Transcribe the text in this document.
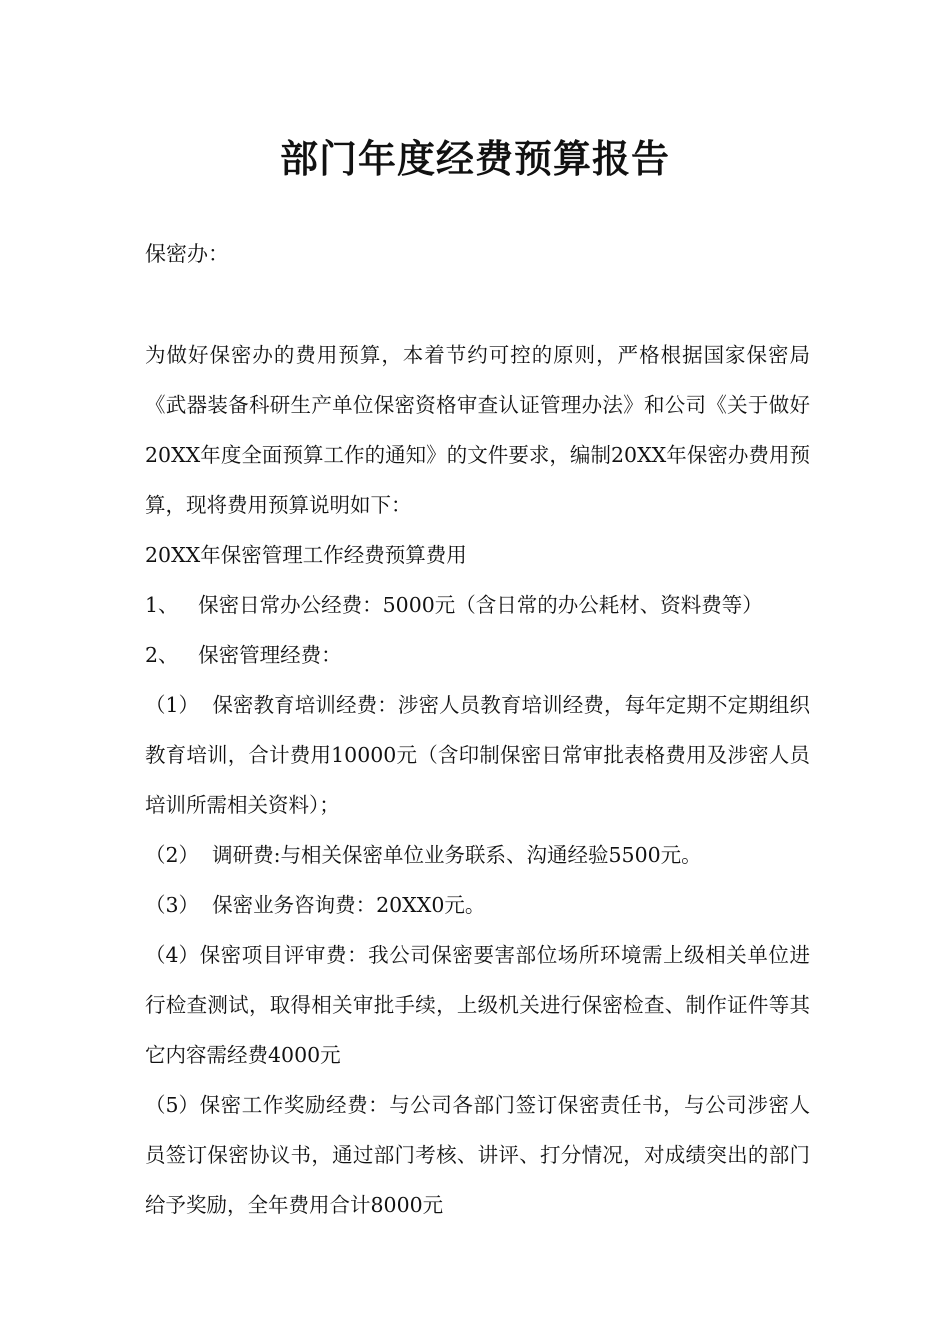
部门年度经费预算报告
保密办：

为做好保密办的费用预算，本着节约可控的原则，严格根据国家保密局《武器装备科研生产单位保密资格审查认证管理办法》和公司《关于做好20XX年度全面预算工作的通知》的文件要求，编制20XX年保密办费用预算，现将费用预算说明如下：

20XX年保密管理工作经费预算费用

1、 保密日常办公经费：5000元（含日常的办公耗材、资料费等）

2、 保密管理经费：

（1） 保密教育培训经费：涉密人员教育培训经费，每年定期不定期组织教育培训，合计费用10000元（含印制保密日常审批表格费用及涉密人员培训所需相关资料）；

（2） 调研费:与相关保密单位业务联系、沟通经验5500元。

（3） 保密业务咨询费：20XX0元。

（4）保密项目评审费：我公司保密要害部位场所环境需上级相关单位进行检查测试，取得相关审批手续，上级机关进行保密检查、制作证件等其它内容需经费4000元

（5）保密工作奖励经费：与公司各部门签订保密责任书，与公司涉密人员签订保密协议书，通过部门考核、讲评、打分情况，对成绩突出的部门给予奖励，全年费用合计8000元
